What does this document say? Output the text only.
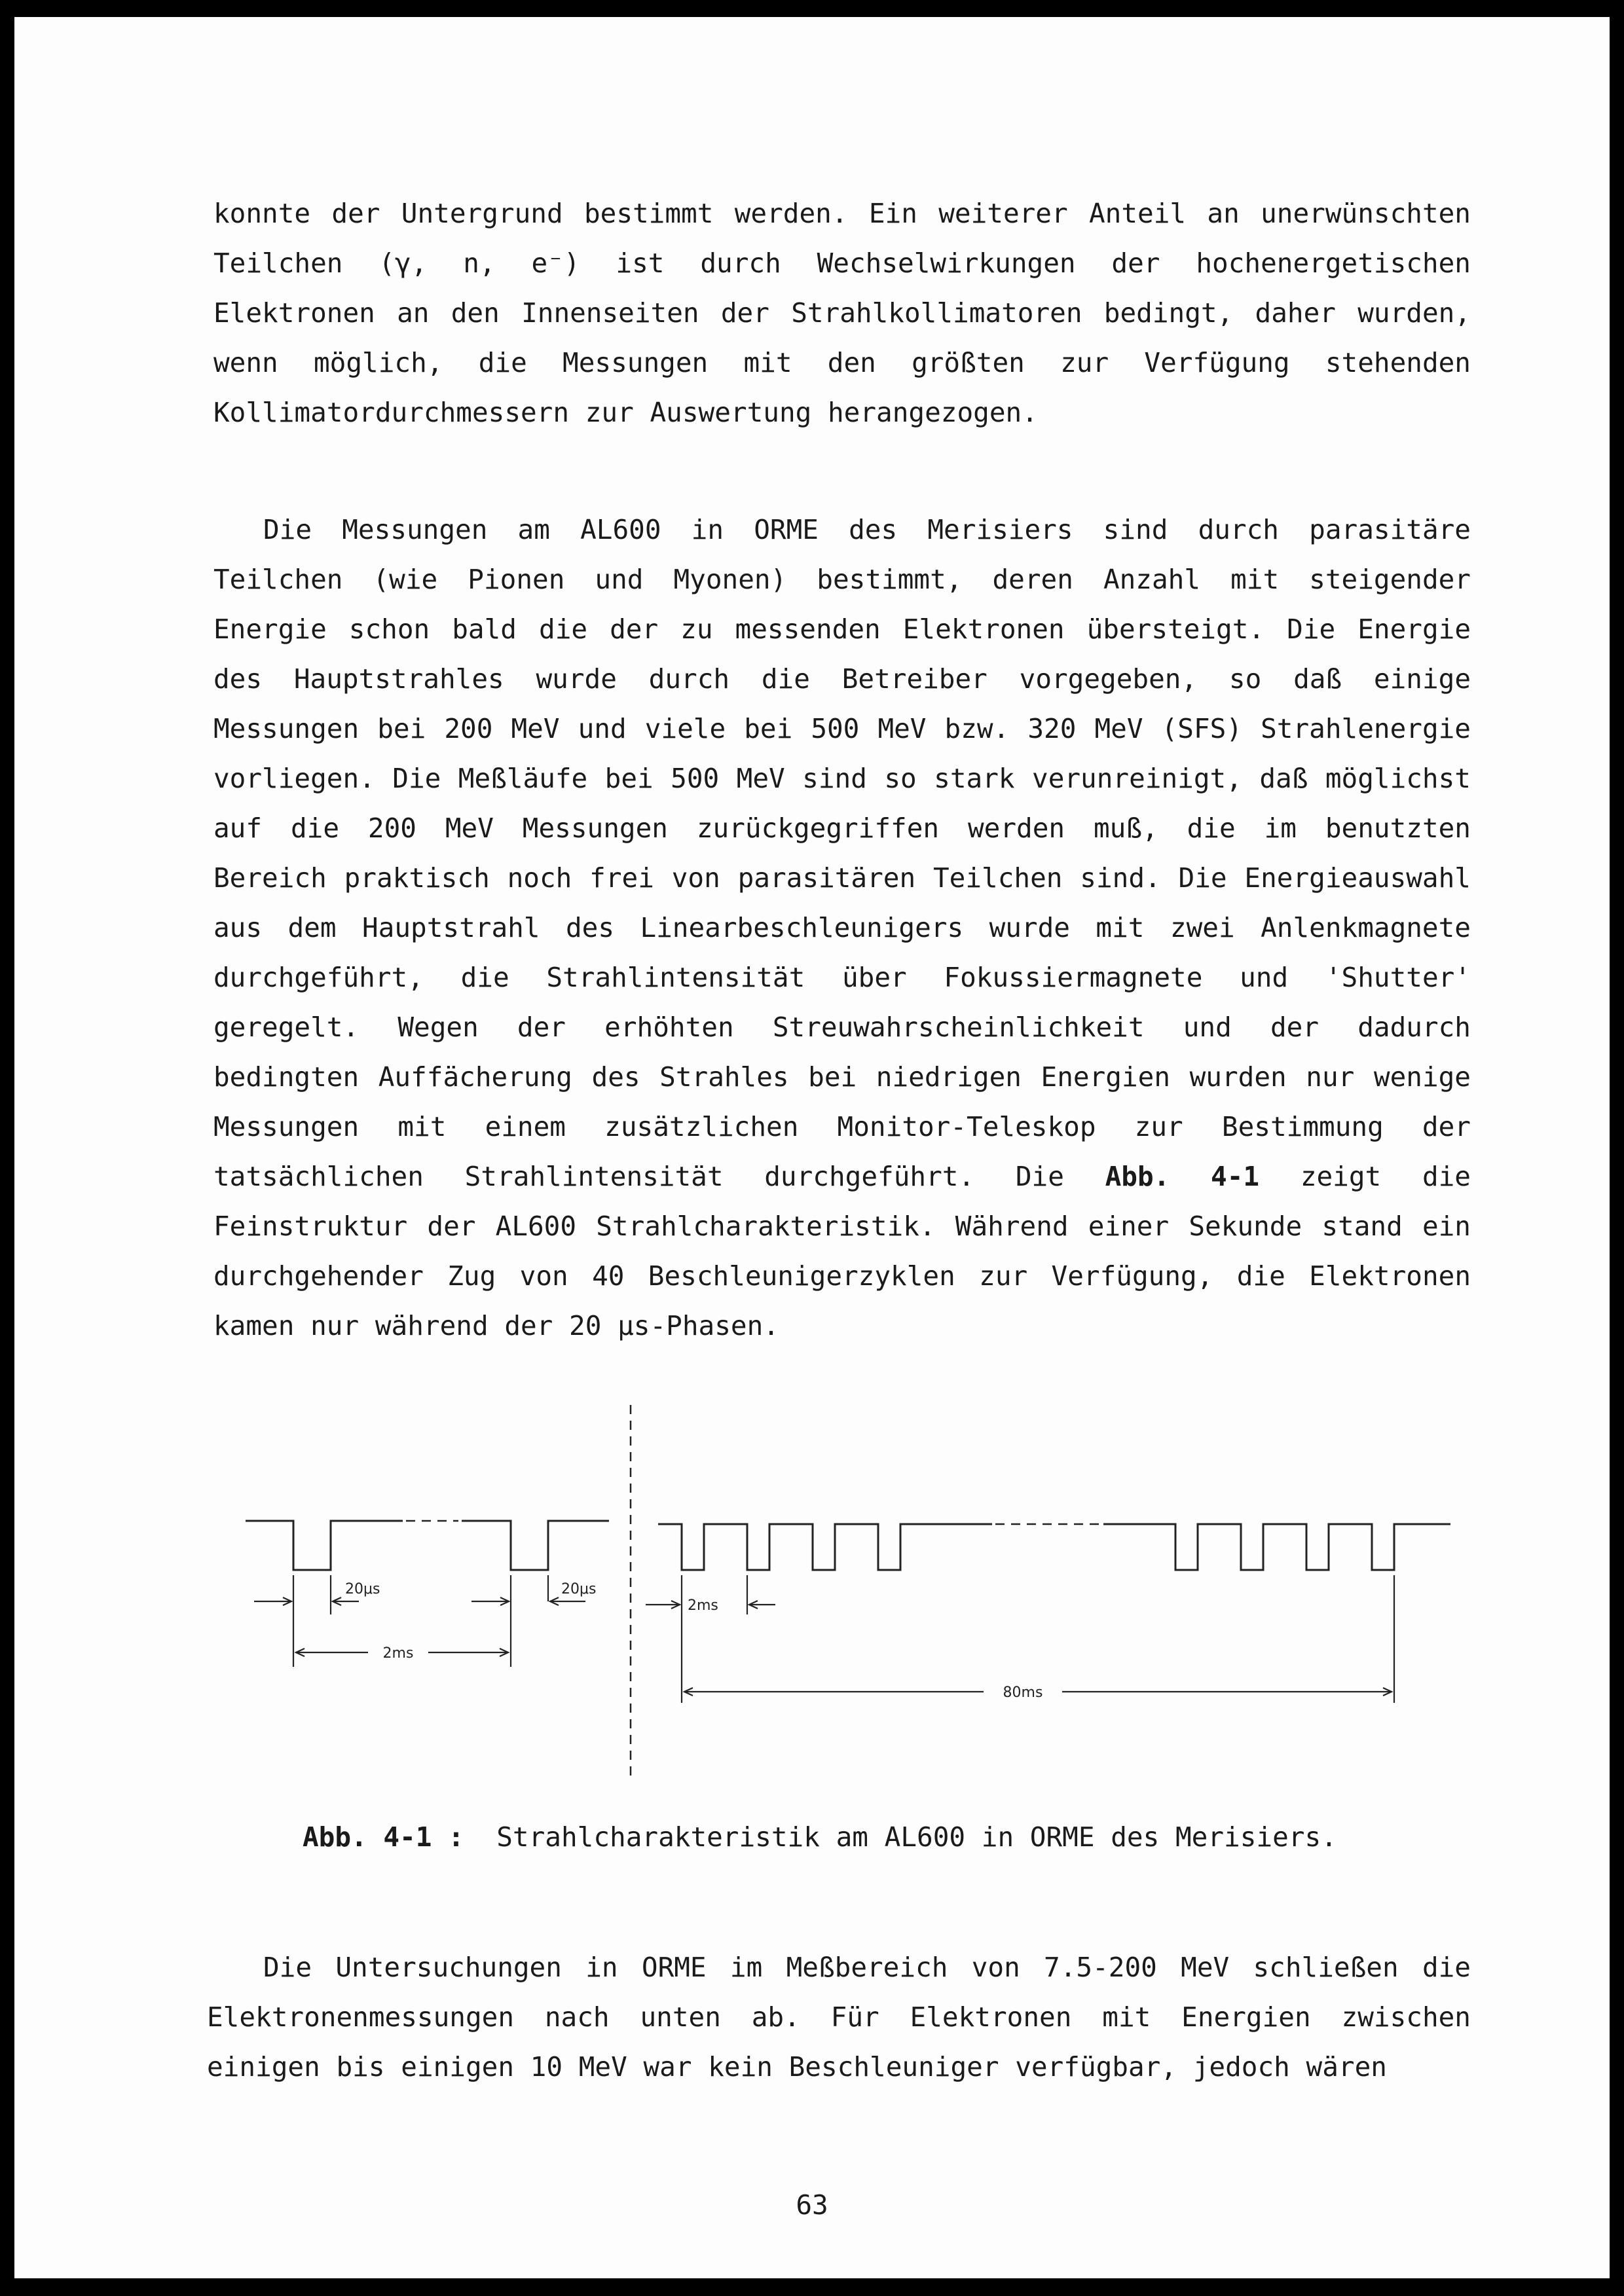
konnte der Untergrund bestimmt werden. Ein weiterer Anteil an unerwünschten Teilchen (γ, n, e⁻) ist durch Wechselwirkungen der hochenergetischen Elektronen an den Innenseiten der Strahlkollimatoren bedingt, daher wurden, wenn möglich, die Messungen mit den größten zur Verfügung stehenden Kollimatordurchmessern zur Auswertung herangezogen.

Die Messungen am AL600 in ORME des Merisiers sind durch parasitäre Teilchen (wie Pionen und Myonen) bestimmt, deren Anzahl mit steigender Energie schon bald die der zu messenden Elektronen übersteigt. Die Energie des Hauptstrahles wurde durch die Betreiber vorgegeben, so daß einige Messungen bei 200 MeV und viele bei 500 MeV bzw. 320 MeV (SFS) Strahlenergie vorliegen. Die Meßläufe bei 500 MeV sind so stark verunreinigt, daß möglichst auf die 200 MeV Messungen zurückgegriffen werden muß, die im benutzten Bereich praktisch noch frei von parasitären Teilchen sind. Die Energieauswahl aus dem Hauptstrahl des Linearbeschleunigers wurde mit zwei Anlenkmagnete durchgeführt, die Strahlintensität über Fokussiermagnete und 'Shutter' geregelt. Wegen der erhöhten Streuwahrscheinlichkeit und der dadurch bedingten Auffächerung des Strahles bei niedrigen Energien wurden nur wenige Messungen mit einem zusätzlichen Monitor-Teleskop zur Bestimmung der tatsächlichen Strahlintensität durchgeführt. Die Abb. 4-1 zeigt die Feinstruktur der AL600 Strahlcharakteristik. Während einer Sekunde stand ein durchgehender Zug von 40 Beschleunigerzyklen zur Verfügung, die Elektronen kamen nur während der 20 μs-Phasen.

20μs	20μs
2ms
2ms
80ms

Abb. 4-1 : Strahlcharakteristik am AL600 in ORME des Merisiers.

Die Untersuchungen in ORME im Meßbereich von 7.5-200 MeV schließen die Elektronenmessungen nach unten ab. Für Elektronen mit Energien zwischen einigen bis einigen 10 MeV war kein Beschleuniger verfügbar, jedoch wären

63
